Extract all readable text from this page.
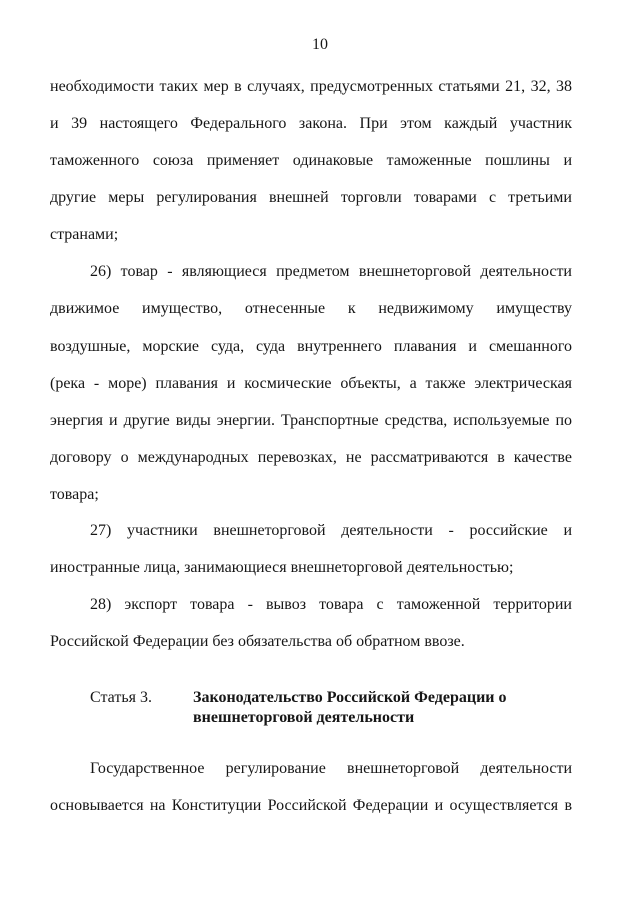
10
необходимости таких мер в случаях, предусмотренных статьями 21, 32, 38
и 39 настоящего Федерального закона. При этом каждый участник
таможенного союза применяет одинаковые таможенные пошлины и
другие меры регулирования внешней торговли товарами с третьими
странами;
26) товар - являющиеся предметом внешнеторговой деятельности
движимое имущество, отнесенные к недвижимому имуществу
воздушные, морские суда, суда внутреннего плавания и смешанного
(река - море) плавания и космические объекты, а также электрическая
энергия и другие виды энергии. Транспортные средства, используемые по
договору о международных перевозках, не рассматриваются в качестве
товара;
27) участники внешнеторговой деятельности - российские и
иностранные лица, занимающиеся внешнеторговой деятельностью;
28) экспорт товара - вывоз товара с таможенной территории
Российской Федерации без обязательства об обратном ввозе.
Статья 3.	Законодательство Российской Федерации о
внешнеторговой деятельности
Государственное регулирование внешнеторговой деятельности
основывается на Конституции Российской Федерации и осуществляется в
